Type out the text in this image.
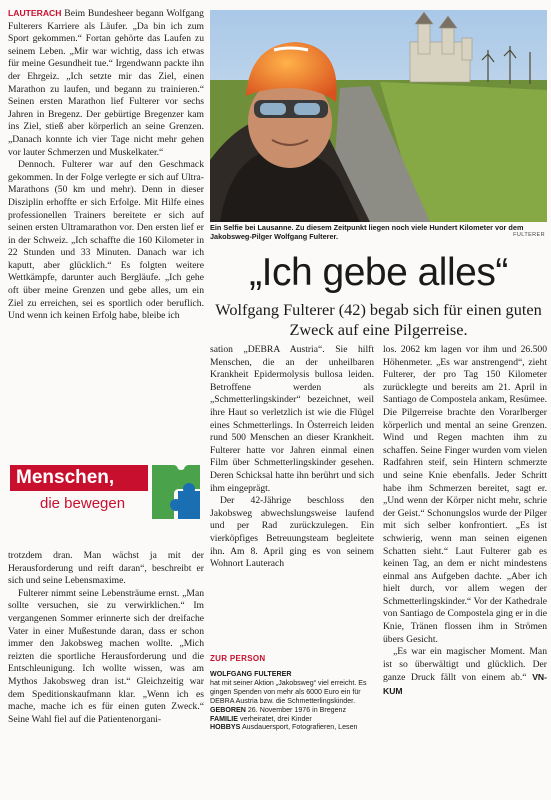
LAUTERACH Beim Bundesheer begann Wolfgang Fulterers Karriere als Läufer. „Da bin ich zum Sport gekommen.“ Fortan gehörte das Laufen zu seinem Leben. „Mir war wichtig, dass ich etwas für meine Gesundheit tue.“ Irgendwann packte ihn der Ehrgeiz. „Ich setzte mir das Ziel, einen Marathon zu laufen, und begann zu trainieren.“ Seinen ersten Marathon lief Fulterer vor sechs Jahren in Bregenz. Der gebürtige Bregenzer kam ins Ziel, stieß aber körperlich an seine Grenzen. „Danach konnte ich vier Tage nicht mehr gehen vor lauter Schmerzen und Muskelkater.“

Dennoch. Fulterer war auf den Geschmack gekommen. In der Folge verlegte er sich auf Ultra-Marathons (50 km und mehr). Denn in dieser Disziplin erhoffte er sich Erfolge. Mit Hilfe eines professionellen Trainers bereitete er sich auf seinen ersten Ultramarathon vor. Den ersten lief er in der Schweiz. „Ich schaffte die 160 Kilometer in 22 Stunden und 33 Minuten. Danach war ich kaputt, aber glücklich.“ Es folgten weitere Wettkämpfe, darunter auch Bergläufe. „Ich gehe oft über meine Grenzen und gebe alles, um ein Ziel zu erreichen, sei es sportlich oder beruflich. Und wenn ich keinen Erfolg habe, bleibe ich

Menschen,
die bewegen

trotzdem dran. Man wächst ja mit der Herausforderung und reift daran“, beschreibt er sich und seine Lebensmaxime.

Fulterer nimmt seine Lebensträume ernst. „Man sollte versuchen, sie zu verwirklichen.“ Im vergangenen Sommer erinnerte sich der dreifache Vater in einer Mußestunde daran, dass er schon immer den Jakobsweg machen wollte. „Mich reizten die sportliche Herausforderung und die Entschleunigung. Ich wollte wissen, was am Mythos Jakobsweg dran ist.“ Gleichzeitig war dem Speditionskaufmann klar. „Wenn ich es mache, mache ich es für einen guten Zweck.“ Seine Wahl fiel auf die Patientenorgani-

Ein Selfie bei Lausanne. Zu diesem Zeitpunkt liegen noch viele Hundert Kilometer vor dem Jakobsweg-Pilger Wolfgang Fulterer.	FULTERER
„Ich gebe alles“
Wolfgang Fulterer (42) begab sich für einen guten Zweck auf eine Pilgerreise.

sation „DEBRA Austria“. Sie hilft Menschen, die an der unheilbaren Krankheit Epidermolysis bullosa leiden. Betroffene werden als „Schmetterlingskinder“ bezeichnet, weil ihre Haut so verletzlich ist wie die Flügel eines Schmetterlings. In Österreich leiden rund 500 Menschen an dieser Krankheit. Fulterer hatte vor Jahren einmal einen Film über Schmetterlingskinder gesehen. Deren Schicksal hatte ihn berührt und sich ihm eingeprägt.

Der 42-Jährige beschloss den Jakobsweg abwechslungsweise laufend und per Rad zurückzulegen. Ein vierköpfiges Betreuungsteam begleitete ihn. Am 8. April ging es von seinem Wohnort Lauterach

ZUR PERSON
WOLFGANG FULTERER
hat mit seiner Aktion „Jakobsweg“ viel erreicht. Es gingen Spenden von mehr als 6000 Euro ein für DEBRA Austria bzw. die Schmetterlingskinder.
GEBOREN 26. November 1976 in Bregenz
FAMILIE verheiratet, drei Kinder
HOBBYS Ausdauersport, Fotografieren, Lesen

los. 2062 km lagen vor ihm und 26.500 Höhenmeter. „Es war anstrengend“, zieht Fulterer, der pro Tag 150 Kilometer zurücklegte und bereits am 21. April in Santiago de Compostela ankam, Resümee. Die Pilgerreise brachte den Vorarlberger körperlich und mental an seine Grenzen. Wind und Regen machten ihm zu schaffen. Seine Finger wurden vom vielen Radfahren steif, sein Hintern schmerzte und seine Knie ebenfalls. Jeder Schritt habe ihm Schmerzen bereitet, sagt er. „Und wenn der Körper nicht mehr, schrie der Geist.“ Schonungslos wurde der Pilger mit sich selber konfrontiert. „Es ist schwierig, wenn man seinen eigenen Schatten sieht.“ Laut Fulterer gab es keinen Tag, an dem er nicht mindestens einmal ans Aufgeben dachte. „Aber ich hielt durch, vor allem wegen der Schmetterlingskinder.“ Vor der Kathedrale von Santiago de Compostela ging er in die Knie, Tränen flossen ihm in Strömen übers Gesicht.

„Es war ein magischer Moment. Man ist so überwältigt und glücklich. Der ganze Druck fällt von einem ab.“ VN-KUM
